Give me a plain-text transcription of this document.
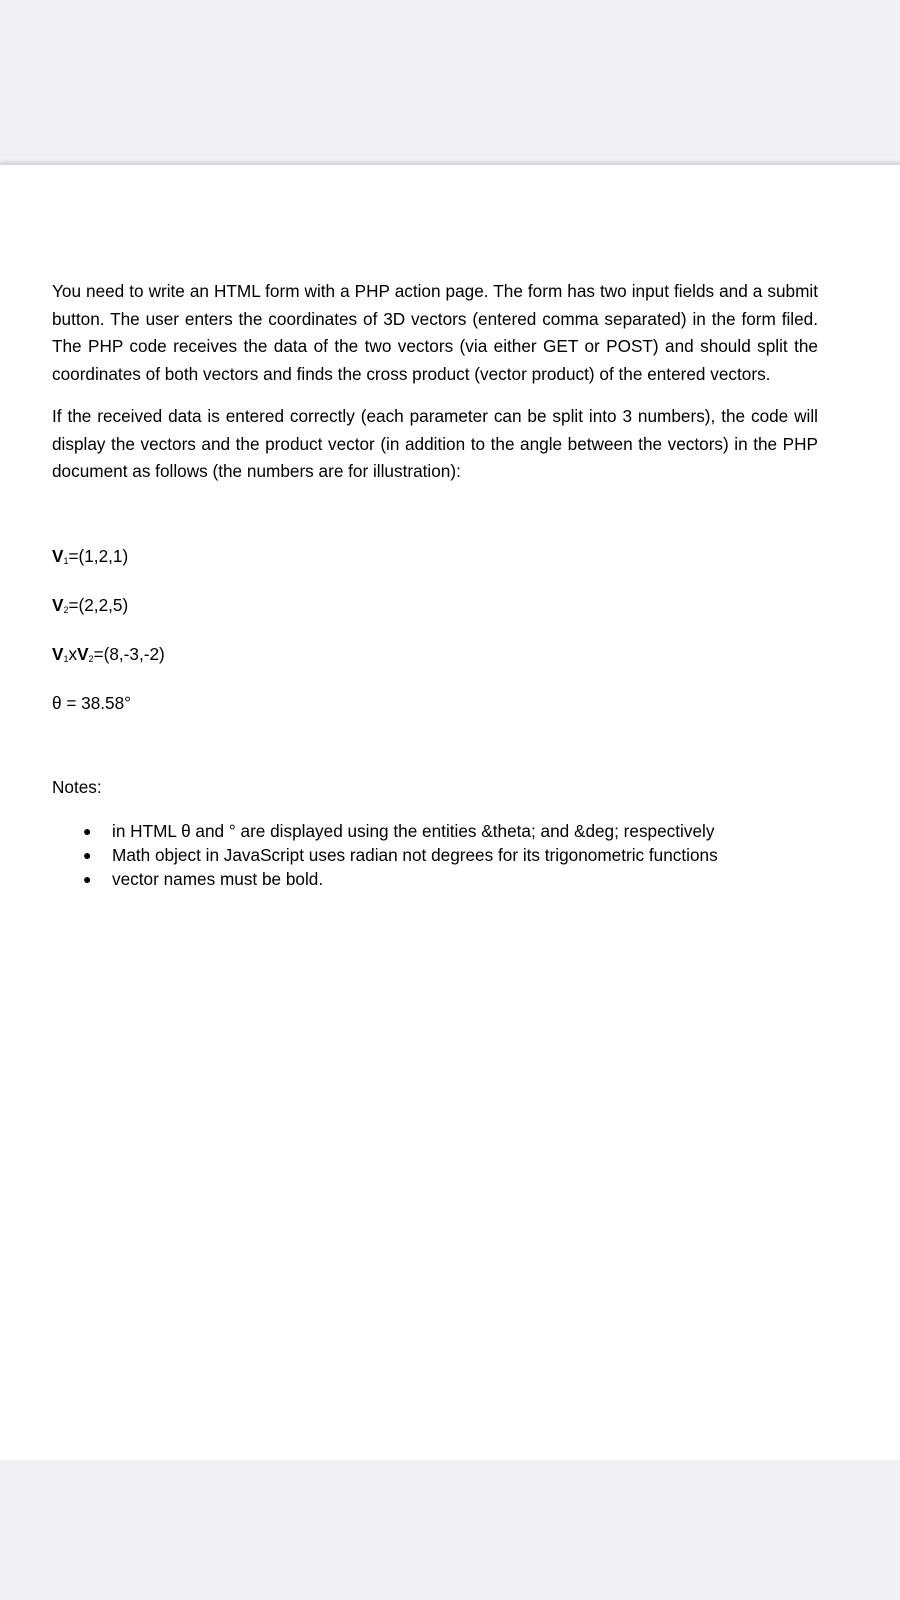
You need to write an HTML form with a PHP action page. The form has two input fields and a submit button. The user enters the coordinates of 3D vectors (entered comma separated) in the form filed. The PHP code receives the data of the two vectors (via either GET or POST) and should split the coordinates of both vectors and finds the cross product (vector product) of the entered vectors.

If the received data is entered correctly (each parameter can be split into 3 numbers), the code will display the vectors and the product vector (in addition to the angle between the vectors) in the PHP document as follows (the numbers are for illustration):

$V_1=(1,2,1)$

$V_2=(2,2,5)$

$V_1xV_2=(8,-3,-2)$

θ = 38.58°

Notes:
● in HTML θ and ° are displayed using the entities &theta; and &deg; respectively
● Math object in JavaScript uses radian not degrees for its trigonometric functions
● vector names must be bold.
